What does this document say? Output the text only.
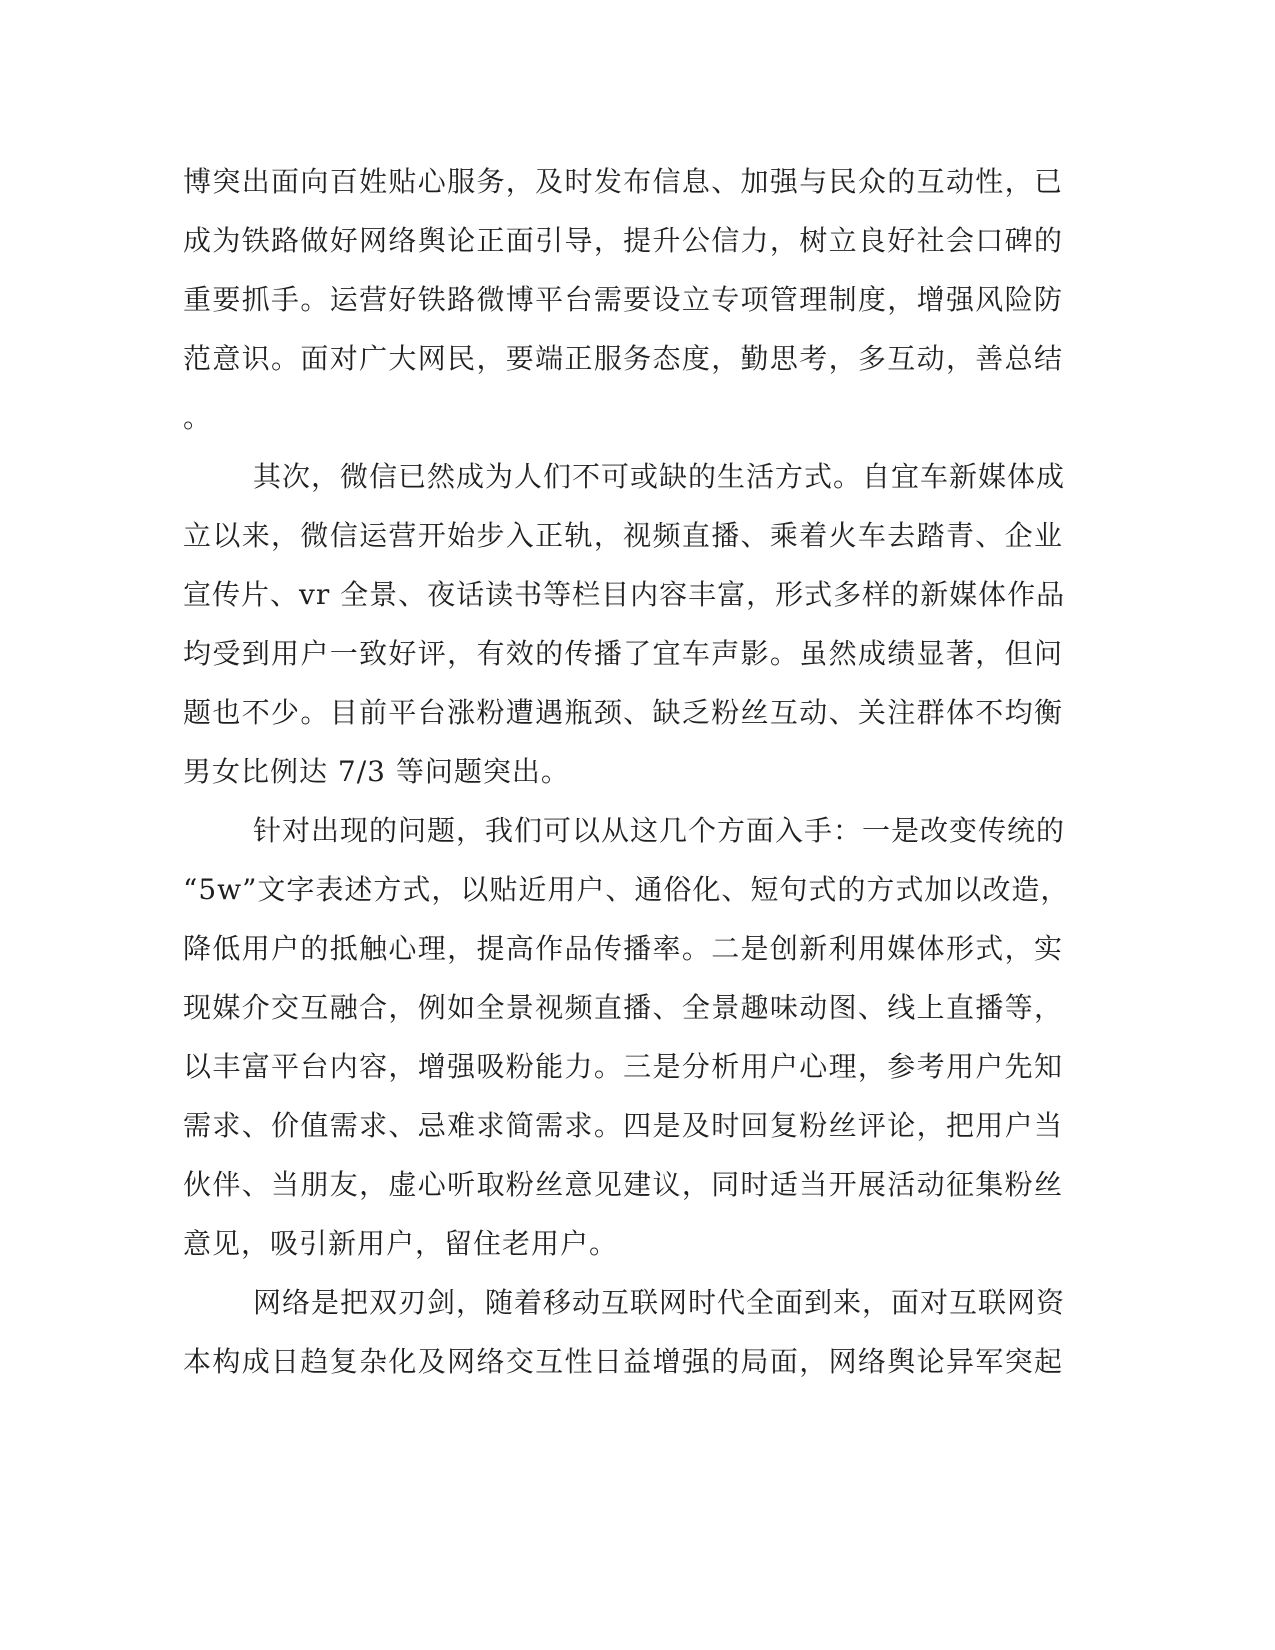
博突出面向百姓贴心服务，及时发布信息、加强与民众的互动性，已

成为铁路做好网络舆论正面引导，提升公信力，树立良好社会口碑的

重要抓手。运营好铁路微博平台需要设立专项管理制度，增强风险防

范意识。面对广大网民，要端正服务态度，勤思考，多互动，善总结

。

其次，微信已然成为人们不可或缺的生活方式。自宜车新媒体成

立以来，微信运营开始步入正轨，视频直播、乘着火车去踏青、企业

宣传片、vr 全景、夜话读书等栏目内容丰富，形式多样的新媒体作品

均受到用户一致好评，有效的传播了宜车声影。虽然成绩显著，但问

题也不少。目前平台涨粉遭遇瓶颈、缺乏粉丝互动、关注群体不均衡

男女比例达 7/3 等问题突出。

针对出现的问题，我们可以从这几个方面入手：一是改变传统的

“5w”文字表述方式，以贴近用户、通俗化、短句式的方式加以改造，

降低用户的抵触心理，提高作品传播率。二是创新利用媒体形式，实

现媒介交互融合，例如全景视频直播、全景趣味动图、线上直播等，

以丰富平台内容，增强吸粉能力。三是分析用户心理，参考用户先知

需求、价值需求、忌难求简需求。四是及时回复粉丝评论，把用户当

伙伴、当朋友，虚心听取粉丝意见建议，同时适当开展活动征集粉丝

意见，吸引新用户，留住老用户。

网络是把双刃剑，随着移动互联网时代全面到来，面对互联网资

本构成日趋复杂化及网络交互性日益增强的局面，网络舆论异军突起
